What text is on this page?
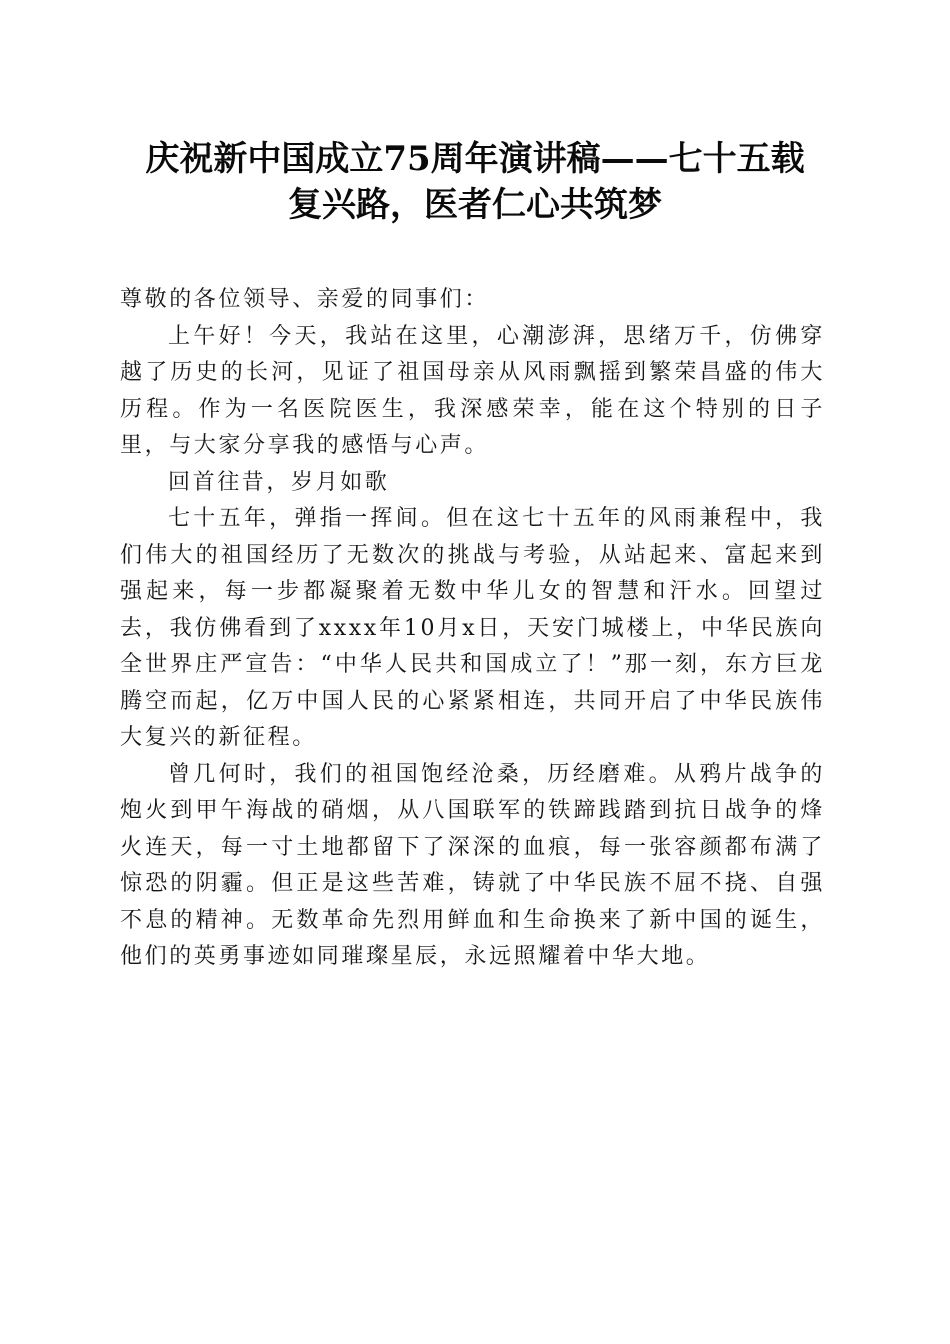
庆祝新中国成立75周年演讲稿——七十五载
复兴路，医者仁心共筑梦

尊敬的各位领导、亲爱的同事们：

上午好！今天，我站在这里，心潮澎湃，思绪万千，仿佛穿越了历史的长河，见证了祖国母亲从风雨飘摇到繁荣昌盛的伟大历程。作为一名医院医生，我深感荣幸，能在这个特别的日子里，与大家分享我的感悟与心声。

回首往昔，岁月如歌

七十五年，弹指一挥间。但在这七十五年的风雨兼程中，我们伟大的祖国经历了无数次的挑战与考验，从站起来、富起来到强起来，每一步都凝聚着无数中华儿女的智慧和汗水。回望过去，我仿佛看到了xxxx年10月x日，天安门城楼上，中华民族向全世界庄严宣告：“中华人民共和国成立了！”那一刻，东方巨龙腾空而起，亿万中国人民的心紧紧相连，共同开启了中华民族伟大复兴的新征程。

曾几何时，我们的祖国饱经沧桑，历经磨难。从鸦片战争的炮火到甲午海战的硝烟，从八国联军的铁蹄践踏到抗日战争的烽火连天，每一寸土地都留下了深深的血痕，每一张容颜都布满了惊恐的阴霾。但正是这些苦难，铸就了中华民族不屈不挠、自强不息的精神。无数革命先烈用鲜血和生命换来了新中国的诞生，他们的英勇事迹如同璀璨星辰，永远照耀着中华大地。
